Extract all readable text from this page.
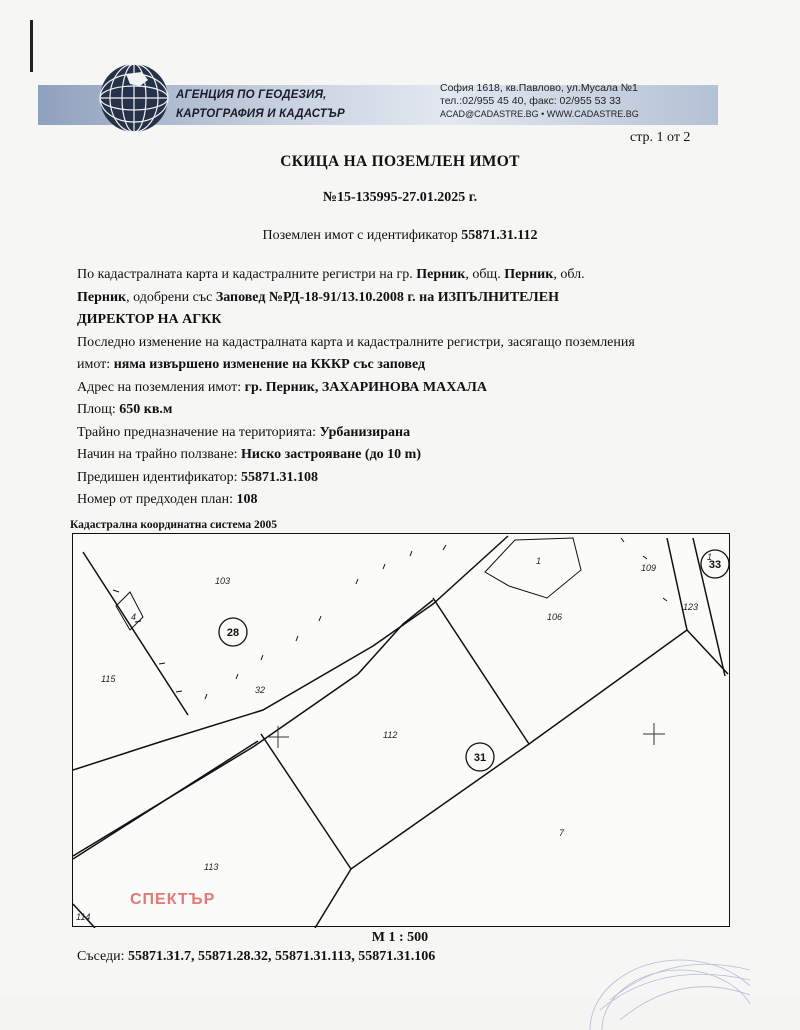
АГЕНЦИЯ ПО ГЕОДЕЗИЯ,
КАРТОГРАФИЯ И КАДАСТЪР
София 1618, кв.Павлово, ул.Мусала №1
тел.:02/955 45 40, факс: 02/955 53 33
ACAD@CADASTRE.BG • WWW.CADASTRE.BG
стр. 1 от 2
СКИЦА НА ПОЗЕМЛЕН ИМОТ
№15-135995-27.01.2025 г.
Поземлен имот с идентификатор 55871.31.112
По кадастралната карта и кадастралните регистри на гр. Перник, общ. Перник, обл.
Перник, одобрени със Заповед №РД-18-91/13.10.2008 г. на ИЗПЪЛНИТЕЛЕН
ДИРЕКТОР НА АГКК
Последно изменение на кадастралната карта и кадастралните регистри, засягащо поземления
имот: няма извършено изменение на КККР със заповед
Адрес на поземления имот: гр. Перник, ЗАХАРИНОВА МАХАЛА
Площ: 650 кв.м
Трайно предназначение на територията: Урбанизирана
Начин на трайно ползване: Ниско застрояване (до 10 m)
Предишен идентификатор: 55871.31.108
Номер от предходен план: 108
Кадастрална координатна система 2005
28
31
33
103
4
115
32
1
109
123
106
112
7
113
114
1
СПЕКТЪР
М 1 : 500
Съседи: 55871.31.7, 55871.28.32, 55871.31.113, 55871.31.106
